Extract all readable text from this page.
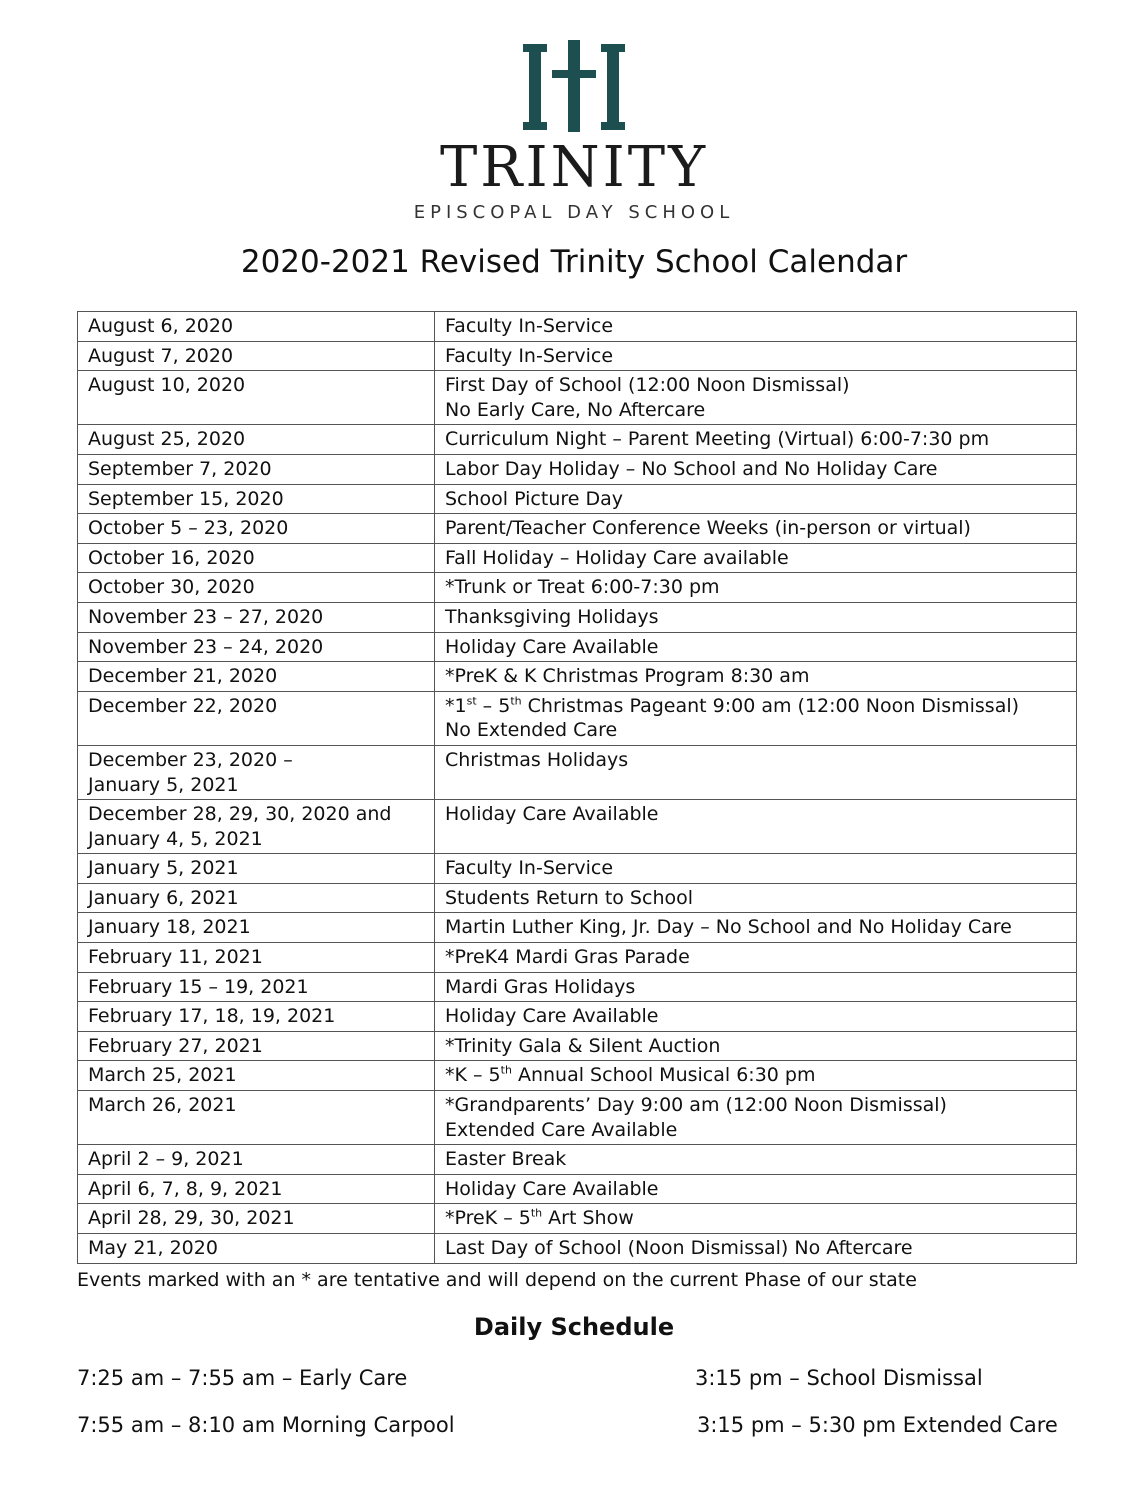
TRINITY
EPISCOPAL DAY SCHOOL
2020-2021 Revised Trinity School Calendar
August 6, 2020	Faculty In-Service
August 7, 2020	Faculty In-Service
August 10, 2020	First Day of School (12:00 Noon Dismissal)
No Early Care, No Aftercare

August 25, 2020	Curriculum Night – Parent Meeting (Virtual) 6:00-7:30 pm
September 7, 2020	Labor Day Holiday – No School and No Holiday Care
September 15, 2020	School Picture Day
October 5 – 23, 2020	Parent/Teacher Conference Weeks (in-person or virtual)
October 16, 2020	Fall Holiday – Holiday Care available
October 30, 2020	*Trunk or Treat 6:00-7:30 pm
November 23 – 27, 2020	Thanksgiving Holidays
November 23 – 24, 2020	Holiday Care Available
December 21, 2020	*PreK & K Christmas Program 8:30 am
December 22, 2020	*1st – 5th Christmas Pageant 9:00 am (12:00 Noon Dismissal)
No Extended Care

December 23, 2020 –
January 5, 2021	Christmas Holidays

December 28, 29, 30, 2020 and
January 4, 5, 2021	Holiday Care Available
January 5, 2021	Faculty In-Service
January 6, 2021	Students Return to School
January 18, 2021	Martin Luther King, Jr. Day – No School and No Holiday Care
February 11, 2021	*PreK4 Mardi Gras Parade
February 15 – 19, 2021	Mardi Gras Holidays
February 17, 18, 19, 2021	Holiday Care Available
February 27, 2021	*Trinity Gala & Silent Auction
March 25, 2021	*K – 5th Annual School Musical 6:30 pm
March 26, 2021	*Grandparents’ Day 9:00 am (12:00 Noon Dismissal)
Extended Care Available

April 2 – 9, 2021	Easter Break
April 6, 7, 8, 9, 2021	Holiday Care Available
April 28, 29, 30, 2021	*PreK – 5th Art Show
May 21, 2020	Last Day of School (Noon Dismissal) No Aftercare
Events marked with an * are tentative and will depend on the current Phase of our state
Daily Schedule
7:25 am – 7:55 am – Early Care	3:15 pm – School Dismissal
7:55 am – 8:10 am Morning Carpool	3:15 pm – 5:30 pm Extended Care
